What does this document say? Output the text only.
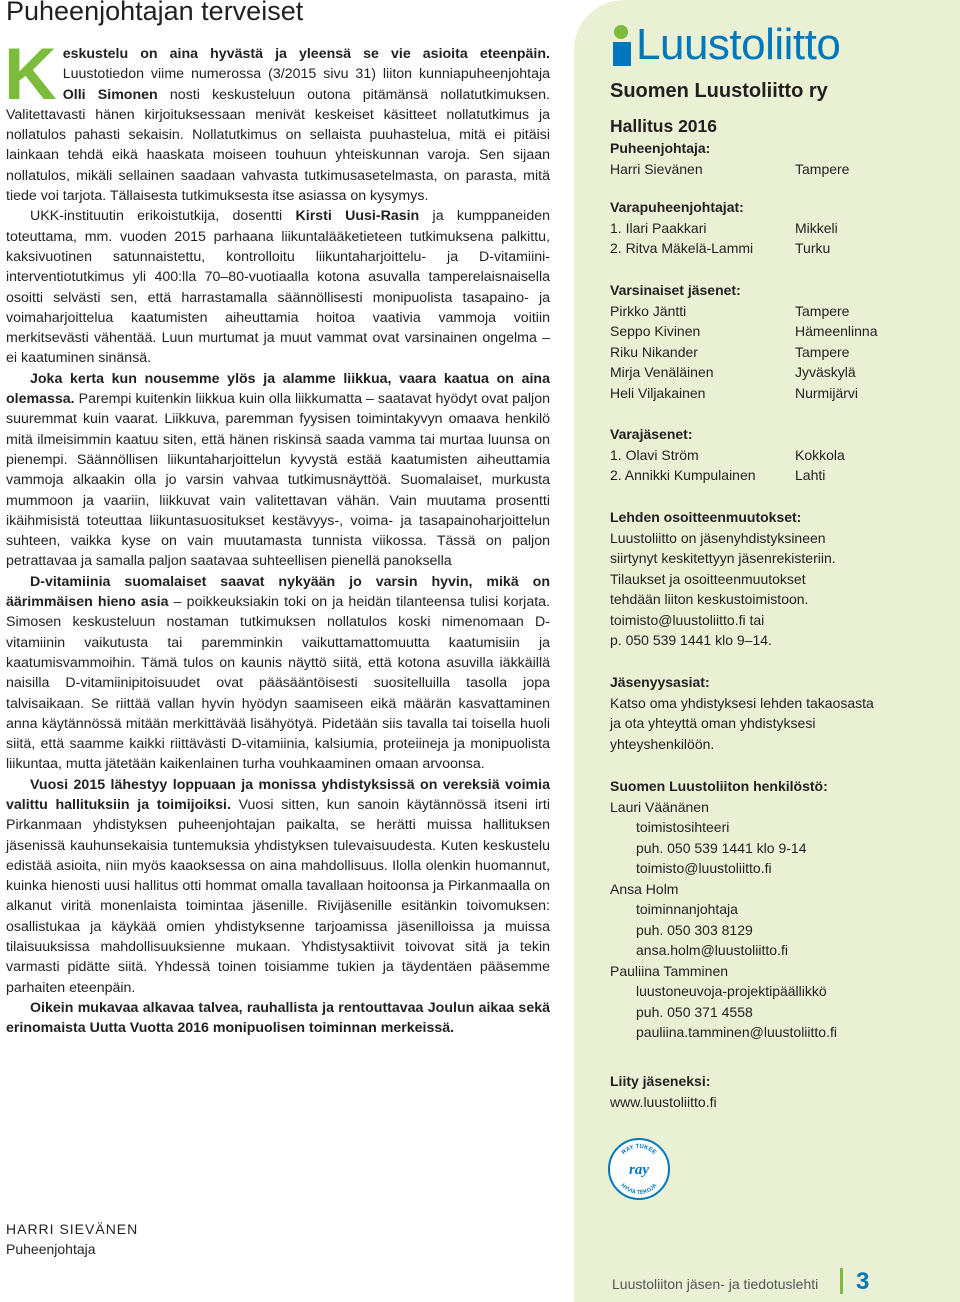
Puheenjohtajan terveiset

Keskustelu on aina hyvästä ja yleensä se vie asioita eteenpäin. Luustotiedon viime numerossa (3/2015 sivu 31) liiton kunniapuheenjohtaja Olli Simonen nosti keskusteluun outona pitämänsä nollatutkimuksen. Valitettavasti hänen kirjoituksessaan menivät keskeiset käsitteet nollatutkimus ja nollatulos pahasti sekaisin. Nollatutkimus on sellaista puuhastelua, mitä ei pitäisi lainkaan tehdä eikä haaskata moiseen touhuun yhteiskunnan varoja. Sen sijaan nollatulos, mikäli sellainen saadaan vahvasta tutkimusasetelmasta, on parasta, mitä tiede voi tarjota. Tällaisesta tutkimuksesta itse asiassa on kysymys.

UKK-instituutin erikoistutkija, dosentti Kirsti Uusi-Rasin ja kumppaneiden toteuttama, mm. vuoden 2015 parhaana liikuntalääketieteen tutkimuksena palkittu, kaksivuotinen satunnaistettu, kontrolloitu liikuntaharjoittelu- ja D-vitamiini-interventiotutkimus yli 400:lla 70–80-vuotiaalla kotona asuvalla tamperelaisnaisella osoitti selvästi sen, että harrastamalla säännöllisesti monipuolista tasapaino- ja voimaharjoittelua kaatumisten aiheuttamia hoitoa vaativia vammoja voitiin merkitsevästi vähentää. Luun murtumat ja muut vammat ovat varsinainen ongelma – ei kaatuminen sinänsä.

Joka kerta kun nousemme ylös ja alamme liikkua, vaara kaatua on aina olemassa. Parempi kuitenkin liikkua kuin olla liikkumatta – saatavat hyödyt ovat paljon suuremmat kuin vaarat. Liikkuva, paremman fyysisen toimintakyvyn omaava henkilö mitä ilmeisimmin kaatuu siten, että hänen riskinsä saada vamma tai murtaa luunsa on pienempi. Säännöllisen liikuntaharjoittelun kyvystä estää kaatumisten aiheuttamia vammoja alkaakin olla jo varsin vahvaa tutkimusnäyttöä. Suomalaiset, murkusta mummoon ja vaariin, liikkuvat vain valitettavan vähän. Vain muutama prosentti ikäihmisistä toteuttaa liikuntasuositukset kestävyys-, voima- ja tasapainoharjoittelun suhteen, vaikka kyse on vain muutamasta tunnista viikossa. Tässä on paljon petrattavaa ja samalla paljon saatavaa suhteellisen pienellä panoksella

D-vitamiinia suomalaiset saavat nykyään jo varsin hyvin, mikä on äärimmäisen hieno asia – poikkeuksiakin toki on ja heidän tilanteensa tulisi korjata. Simosen keskusteluun nostaman tutkimuksen nollatulos koski nimenomaan D-vitamiinin vaikutusta tai paremminkin vaikuttamattomuutta kaatumisiin ja kaatumisvammoihin. Tämä tulos on kaunis näyttö siitä, että kotona asuvilla iäkkäillä naisilla D-vitamiinipitoisuudet ovat pääsääntöisesti suositelluilla tasolla jopa talvisaikaan. Se riittää vallan hyvin hyödyn saamiseen eikä määrän kasvattaminen anna käytännössä mitään merkittävää lisähyötyä. Pidetään siis tavalla tai toisella huoli siitä, että saamme kaikki riittävästi D-vitamiinia, kalsiumia, proteiineja ja monipuolista liikuntaa, mutta jätetään kaikenlainen turha vouhkaaminen omaan arvoonsa.

Vuosi 2015 lähestyy loppuaan ja monissa yhdistyksissä on vereksiä voimia valittu hallituksiin ja toimijoiksi. Vuosi sitten, kun sanoin käytännössä itseni irti Pirkanmaan yhdistyksen puheenjohtajan paikalta, se herätti muissa hallituksen jäsenissä kauhunsekaisia tuntemuksia yhdistyksen tulevaisuudesta. Kuten keskustelu edistää asioita, niin myös kaaoksessa on aina mahdollisuus. Ilolla olenkin huomannut, kuinka hienosti uusi hallitus otti hommat omalla tavallaan hoitoonsa ja Pirkanmaalla on alkanut viritä monenlaista toimintaa jäsenille. Rivijäsenille esitänkin toivomuksen: osallistukaa ja käykää omien yhdistyksenne tarjoamissa jäsenilloissa ja muissa tilaisuuksissa mahdollisuuksienne mukaan. Yhdistysaktiivit toivovat sitä ja tekin varmasti pidätte siitä. Yhdessä toinen toisiamme tukien ja täydentäen pääsemme parhaiten eteenpäin.

Oikein mukavaa alkavaa talvea, rauhallista ja rentouttavaa Joulun aikaa sekä erinomaista Uutta Vuotta 2016 monipuolisen toiminnan merkeissä.

HARRI SIEVÄNEN
Puheenjohtaja
Luustoliitto
Suomen Luustoliitto ry
Hallitus 2016
Puheenjohtaja:
Harri Sievänen	Tampere
Varapuheenjohtajat:
1. Ilari Paakkari	Mikkeli
2. Ritva Mäkelä-Lammi	Turku
Varsinaiset jäsenet:
Pirkko Jäntti	Tampere
Seppo Kivinen	Hämeenlinna
Riku Nikander	Tampere
Mirja Venäläinen	Jyväskylä
Heli Viljakainen	Nurmijärvi
Varajäsenet:
1. Olavi Ström	Kokkola
2. Annikki Kumpulainen	Lahti
Lehden osoitteenmuutokset:
Luustoliitto on jäsenyhdistyksineen
siirtynyt keskitettyyn jäsenrekisteriin.
Tilaukset ja osoitteenmuutokset
tehdään liiton keskustoimistoon.
toimisto@luustoliitto.fi tai
p. 050 539 1441 klo 9–14.
Jäsenyysasiat:
Katso oma yhdistyksesi lehden takaosasta
ja ota yhteyttä oman yhdistyksesi
yhteyshenkilöön.
Suomen Luustoliiton henkilöstö:
Lauri Väänänen
toimistosihteeri
puh. 050 539 1441 klo 9-14
toimisto@luustoliitto.fi
Ansa Holm
toiminnanjohtaja
puh. 050 303 8129
ansa.holm@luustoliitto.fi
Pauliina Tamminen
luustoneuvoja-projektipäällikkö
puh. 050 371 4558
pauliina.tamminen@luustoliitto.fi
Liity jäseneksi:
www.luustoliitto.fi
RAY TUKEE
ray
HYVIÄ TEKOJA
Luustoliiton jäsen- ja tiedotuslehti 3
